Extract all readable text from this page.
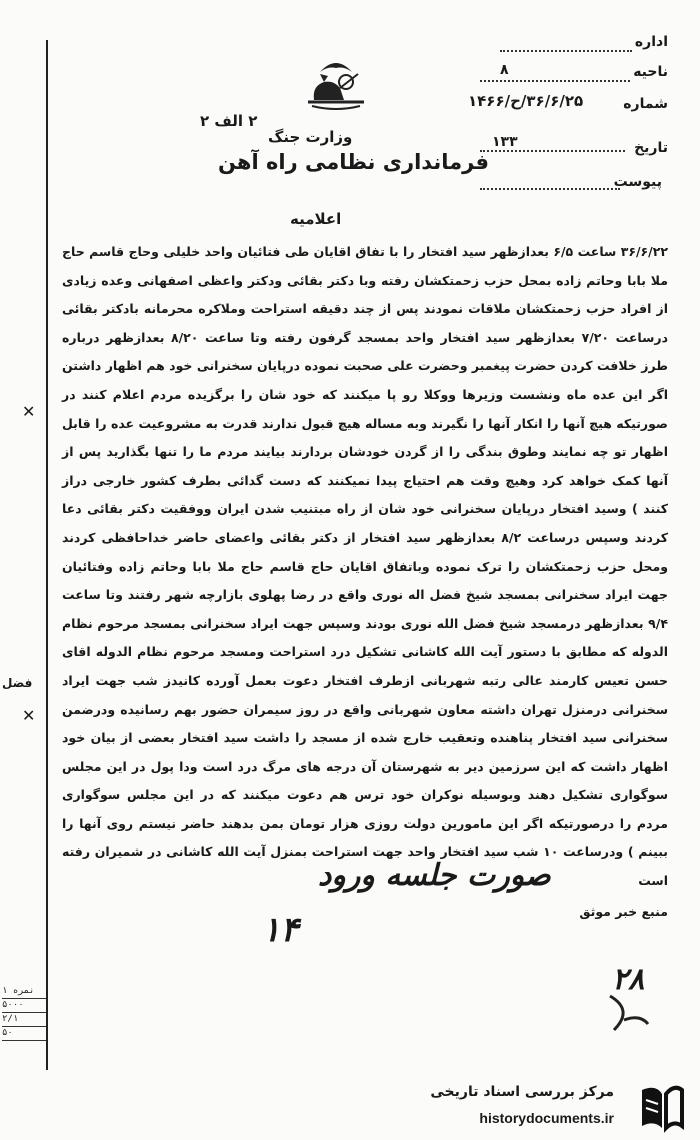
اداره
ناحیه
۸
شماره
۳۶/۶/۲۵/ح/۱۴۶۶
تاریخ
۱۳۳
پیوست
۲ الف ۲
وزارت جنگ
فرمانداری نظامی راه آهن
اعلامیه

۳۶/۶/۲۲ ساعت ۶/۵ بعدازظهر سید افتخار را با تفاق اقایان طی فتائیان واحد خلیلی وحاج قاسم حاج ملا بابا وحاتم زاده بمحل حزب زحمتکشان رفته وبا دکتر بقائی ودکتر واعظی اصفهانی وعده زیادی از افراد حزب زحمتکشان ملاقات نمودند پس از چند دقیقه استراحت وملاکره محرمانه بادکتر بقائی درساعت ۷/۲۰ بعدازظهر سید افتخار واحد بمسجد گرفون رفته وتا ساعت ۸/۲۰ بعدازظهر درباره طرز خلافت کردن حضرت پیغمبر وحضرت علی صحبت نموده درپایان سخنرانی خود هم اظهار داشتن اگر این عده ماه ونشست وزیرها ووکلا رو پا میکنند که خود شان را برگزیده مردم اعلام کنند در صورتیکه هیچ آنها را انکار آنها را نگیرند وبه مساله هیچ قبول ندارند قدرت به مشروعیت عده را قابل اظهار تو چه نمایند وطوق بندگی را از گردن خودشان بردارند بیایند مردم ما را تنها بگذارید پس از آنها کمک خواهد کرد وهیچ وقت هم احتیاج پیدا نمیکنند که دست گدائی بطرف کشور خارجی دراز کنند ) وسید افتخار درپایان سخنرانی خود شان از راه مبتنیب شدن ایران ووفقیت دکتر بقائی دعا کردند وسپس درساعت ۸/۲ بعدازظهر سید افتخار از دکتر بقائی واعضای حاضر خداحافظی کردند ومحل حزب زحمتکشان را ترک نموده وباتفاق اقایان حاج قاسم حاج ملا بابا وحاتم زاده وفتائیان جهت ایراد سخنرانی بمسجد شیخ فضل اله نوری واقع در رضا پهلوی بازارچه شهر رفتند وتا ساعت ۹/۴ بعدازظهر درمسجد شیخ فضل الله نوری بودند وسپس جهت ایراد سخنرانی بمسجد مرحوم نظام الدوله که مطابق با دستور آیت الله کاشانی تشکیل درد استراحت ومسجد مرحوم نظام الدوله اقای حسن تعیس کارمند عالی رتبه شهربانی ازطرف افتخار دعوت بعمل آورده کانیدز شب جهت ایراد سخنرانی درمنزل تهران داشته معاون شهربانی واقع در روز سیمران حضور بهم رسانیده ودرضمن سخنرانی سید افتخار پناهنده وتعقیب خارج شده از مسجد را داشت سید افتخار بعضی از بیان خود اظهار داشت که این سرزمین دیر به شهرستان آن درجه های مرگ درد است ودا پول در این مجلس سوگواری تشکیل دهند وبوسیله نوکران خود ترس هم دعوت میکنند که در این مجلس سوگواری مردم را درصورتیکه اگر این مامورین دولت روزی هزار تومان بمن بدهند حاضر نیستم روی آنها را ببینم ) ودرساعت ۱۰ شب سید افتخار واحد جهت استراحت بمنزل آیت الله کاشانی در شمیران رفته است

منبع خبر موثق

✕
✕
فضل
نمره ۱
۵۰۰۰
۲/۱
۵۰
صورت جلسه ورود
۱۴
۲۸
مرکز بررسی اسناد تاریخی
historydocuments.ir
